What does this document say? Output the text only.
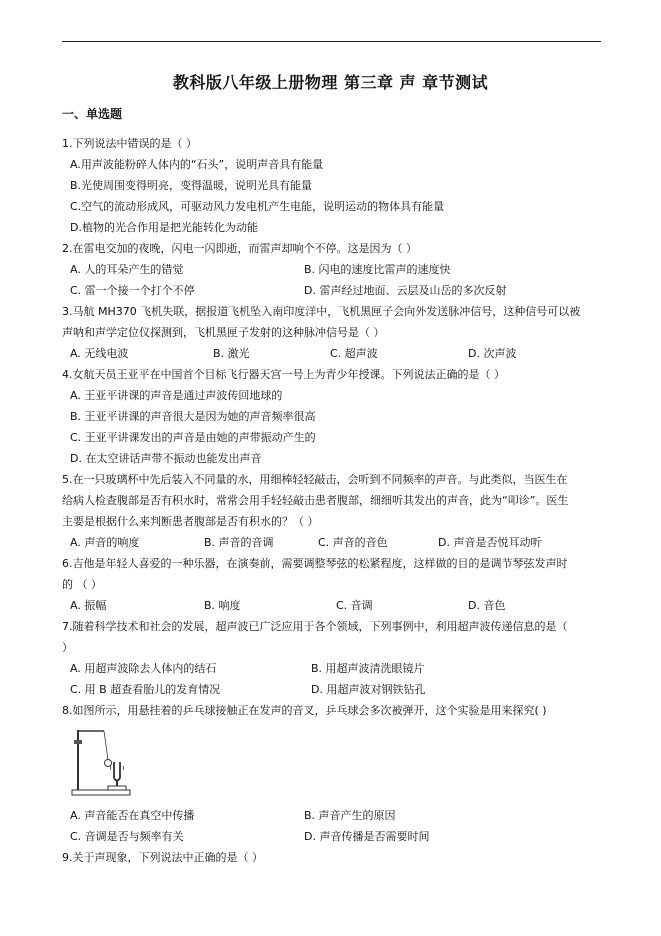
教科版八年级上册物理 第三章 声 章节测试
一、单选题
1.下列说法中错误的是（ ）
A.用声波能粉碎人体内的“石头”，说明声音具有能量
B.光使周围变得明亮，变得温暖，说明光具有能量
C.空气的流动形成风，可驱动风力发电机产生电能，说明运动的物体具有能量
D.植物的光合作用是把光能转化为动能
2.在雷电交加的夜晚，闪电一闪即逝，而雷声却响个不停。这是因为（ ）
A. 人的耳朵产生的错觉	B. 闪电的速度比雷声的速度快
C. 雷一个接一个打个不停	D. 雷声经过地面、云层及山岳的多次反射
3.马航 MH370 飞机失联，据报道飞机坠入南印度洋中，飞机黑匣子会向外发送脉冲信号，这种信号可以被
声呐和声学定位仪探测到，飞机黑匣子发射的这种脉冲信号是（ ）
A. 无线电波	B. 激光	C. 超声波	D. 次声波
4.女航天员王亚平在中国首个目标飞行器天宫一号上为青少年授课。下列说法正确的是（ ）
A. 王亚平讲课的声音是通过声波传回地球的
B. 王亚平讲课的声音很大是因为她的声音频率很高
C. 王亚平讲课发出的声音是由她的声带振动产生的
D. 在太空讲话声带不振动也能发出声音
5.在一只玻璃杯中先后装入不同量的水，用细棒轻轻敲击，会听到不同频率的声音。与此类似，当医生在
给病人检查腹部是否有积水时，常常会用手轻轻敲击患者腹部，细细听其发出的声音，此为“叩诊”。医生
主要是根据什么来判断患者腹部是否有积水的？（ ）
A. 声音的响度	B. 声音的音调	C. 声音的音色	D. 声音是否悦耳动听
6.吉他是年轻人喜爱的一种乐器，在演奏前，需要调整琴弦的松紧程度，这样做的目的是调节琴弦发声时
的 （ ）
A. 振幅	B. 响度	C. 音调	D. 音色
7.随着科学技术和社会的发展，超声波已广泛应用于各个领域，下列事例中，利用超声波传递信息的是（
）
A. 用超声波除去人体内的结石	B. 用超声波清洗眼镜片
C. 用 B 超查看胎儿的发育情况	D. 用超声波对钢铁钻孔
8.如图所示，用悬挂着的乒乓球接触正在发声的音叉，乒乓球会多次被弹开，这个实验是用来探究( )
A. 声音能否在真空中传播	B. 声音产生的原因
C. 音调是否与频率有关	D. 声音传播是否需要时间
9.关于声现象，下列说法中正确的是（ ）
